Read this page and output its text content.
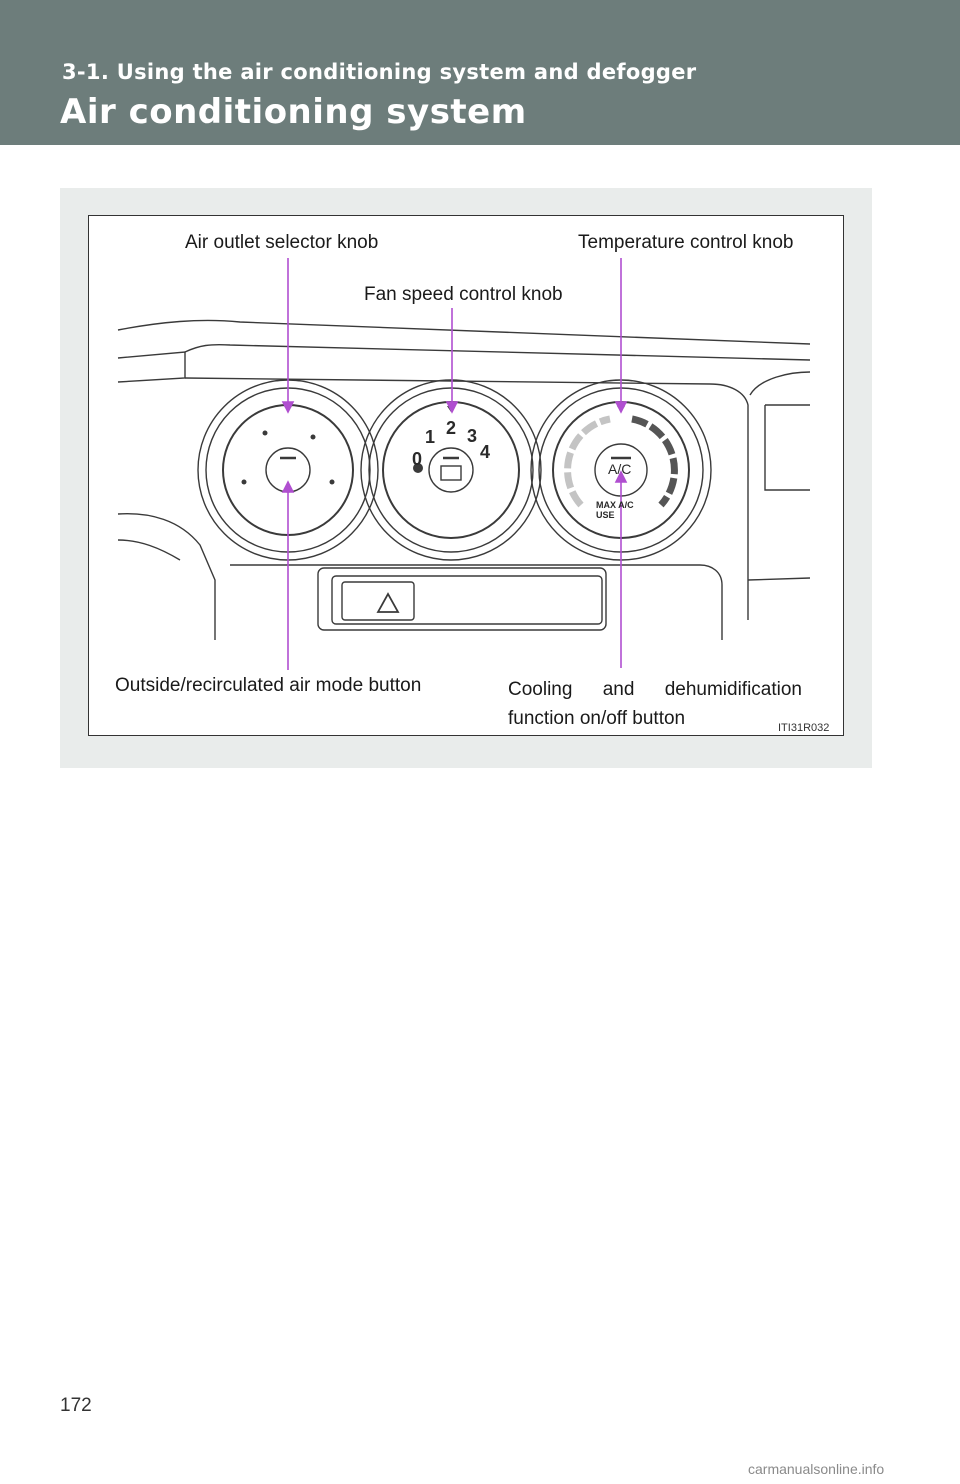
3-1. Using the air conditioning system and defogger
Air conditioning system
0
1 2 3
4
A/C
MAX A/C
USE
Air outlet selector knob	Temperature control knob
Fan speed control knob
Outside/recirculated air mode button	Cooling and dehumidification
function on/off button	ITI31R032
172
carmanualsonline.info
